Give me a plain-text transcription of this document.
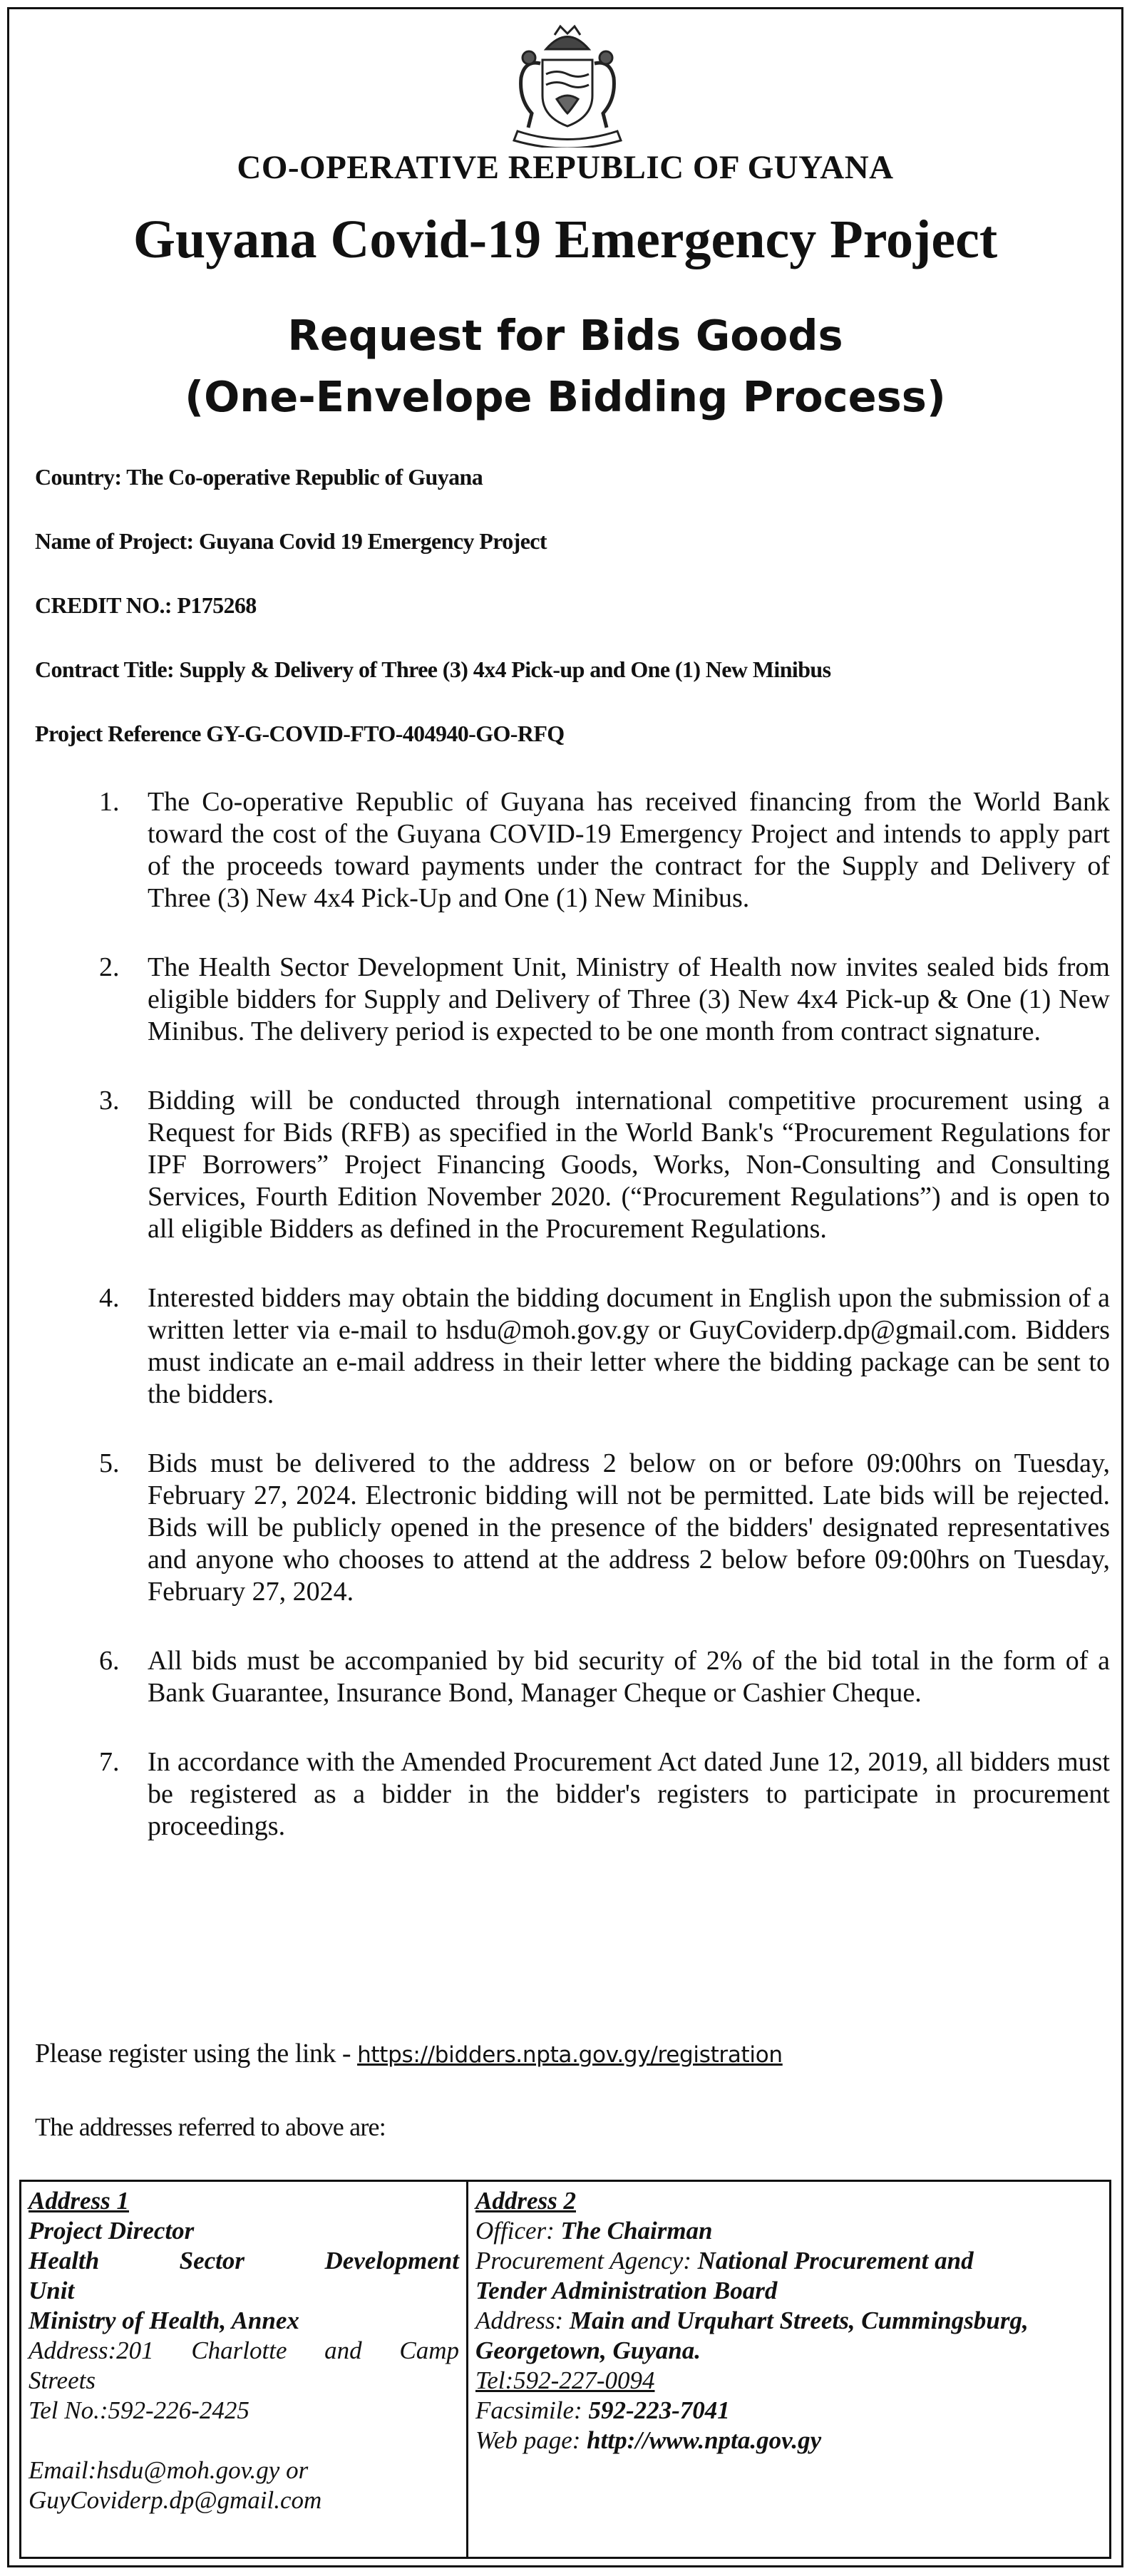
CO-OPERATIVE REPUBLIC OF GUYANA
Guyana Covid-19 Emergency Project
Request for Bids Goods
(One-Envelope Bidding Process)
Country: The Co-operative Republic of Guyana
Name of Project: Guyana Covid 19 Emergency Project
CREDIT NO.: P175268
Contract Title: Supply & Delivery of Three (3) 4x4 Pick-up and One (1) New Minibus
Project Reference GY-G-COVID-FTO-404940-GO-RFQ
1. The Co-operative Republic of Guyana has received financing from the World Bank toward the cost of the Guyana COVID-19 Emergency Project and intends to apply part of the proceeds toward payments under the contract for the Supply and Delivery of Three (3) New 4x4 Pick-Up and One (1) New Minibus.
2. The Health Sector Development Unit, Ministry of Health now invites sealed bids from eligible bidders for Supply and Delivery of Three (3) New 4x4 Pick-up & One (1) New Minibus. The delivery period is expected to be one month from contract signature.
3. Bidding will be conducted through international competitive procurement using a Request for Bids (RFB) as specified in the World Bank's “Procurement Regulations for IPF Borrowers” Project Financing Goods, Works, Non-Consulting and Consulting Services, Fourth Edition November 2020. (“Procurement Regulations”) and is open to all eligible Bidders as defined in the Procurement Regulations.
4. Interested bidders may obtain the bidding document in English upon the submission of a written letter via e-mail to hsdu@moh.gov.gy or GuyCoviderp.dp@gmail.com. Bidders must indicate an e-mail address in their letter where the bidding package can be sent to the bidders.
5. Bids must be delivered to the address 2 below on or before 09:00hrs on Tuesday, February 27, 2024. Electronic bidding will not be permitted. Late bids will be rejected. Bids will be publicly opened in the presence of the bidders' designated representatives and anyone who chooses to attend at the address 2 below before 09:00hrs on Tuesday, February 27, 2024.
6. All bids must be accompanied by bid security of 2% of the bid total in the form of a Bank Guarantee, Insurance Bond, Manager Cheque or Cashier Cheque.
7. In accordance with the Amended Procurement Act dated June 12, 2019, all bidders must be registered as a bidder in the bidder's registers to participate in procurement proceedings.
Please register using the link - https://bidders.npta.gov.gy/registration
The addresses referred to above are:
Address 1
Project Director
Health Sector Development
Unit
Ministry of Health, Annex
Address:201 Charlotte and Camp
Streets
Tel No.:592-226-2425
Email:hsdu@moh.gov.gy or
GuyCoviderp.dp@gmail.com
Address 2
Officer: The Chairman
Procurement Agency: National Procurement and
Tender Administration Board
Address: Main and Urquhart Streets, Cummingsburg,
Georgetown, Guyana.
Tel:592-227-0094
Facsimile: 592-223-7041
Web page: http://www.npta.gov.gy
